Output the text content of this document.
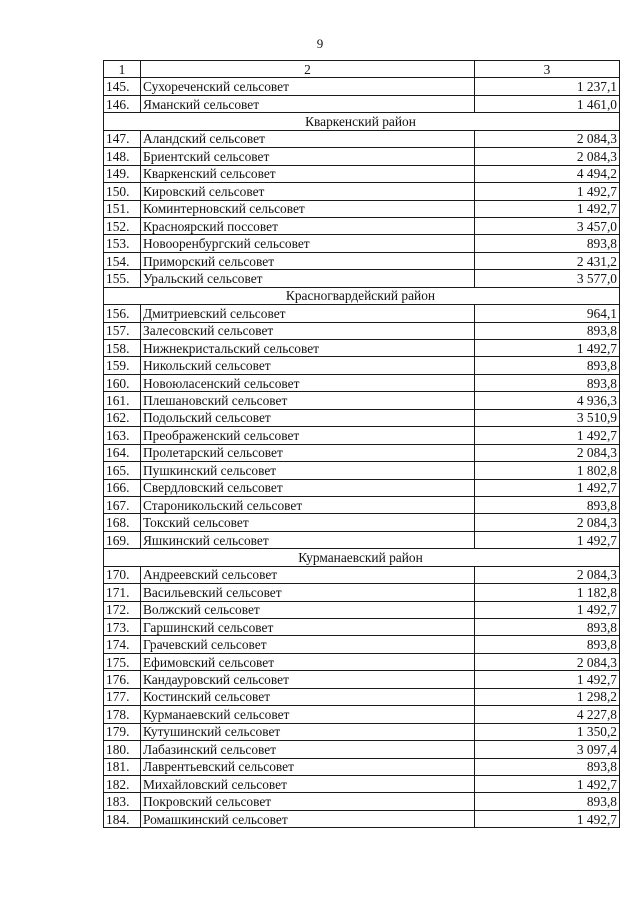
9
1	2	3
145.	Сухореченский сельсовет	1 237,1
146.	Яманский сельсовет	1 461,0
Кваркенский район		
147.	Аландский сельсовет	2 084,3
148.	Бриентский сельсовет	2 084,3
149.	Кваркенский сельсовет	4 494,2
150.	Кировский сельсовет	1 492,7
151.	Коминтерновский сельсовет	1 492,7
152.	Красноярский поссовет	3 457,0
153.	Новооренбургский сельсовет	893,8
154.	Приморский сельсовет	2 431,2
155.	Уральский сельсовет	3 577,0
Красногвардейский район		
156.	Дмитриевский сельсовет	964,1
157.	Залесовский сельсовет	893,8
158.	Нижнекристальский сельсовет	1 492,7
159.	Никольский сельсовет	893,8
160.	Новоюласенский сельсовет	893,8
161.	Плешановский сельсовет	4 936,3
162.	Подольский сельсовет	3 510,9
163.	Преображенский сельсовет	1 492,7
164.	Пролетарский сельсовет	2 084,3
165.	Пушкинский сельсовет	1 802,8
166.	Свердловский сельсовет	1 492,7
167.	Староникольский сельсовет	893,8
168.	Токский сельсовет	2 084,3
169.	Яшкинский сельсовет	1 492,7
Курманаевский район		
170.	Андреевский сельсовет	2 084,3
171.	Васильевский сельсовет	1 182,8
172.	Волжский сельсовет	1 492,7
173.	Гаршинский сельсовет	893,8
174.	Грачевский сельсовет	893,8
175.	Ефимовский сельсовет	2 084,3
176.	Кандауровский сельсовет	1 492,7
177.	Костинский сельсовет	1 298,2
178.	Курманаевский сельсовет	4 227,8
179.	Кутушинский сельсовет	1 350,2
180.	Лабазинский сельсовет	3 097,4
181.	Лаврентьевский сельсовет	893,8
182.	Михайловский сельсовет	1 492,7
183.	Покровский сельсовет	893,8
184.	Ромашкинский сельсовет	1 492,7
